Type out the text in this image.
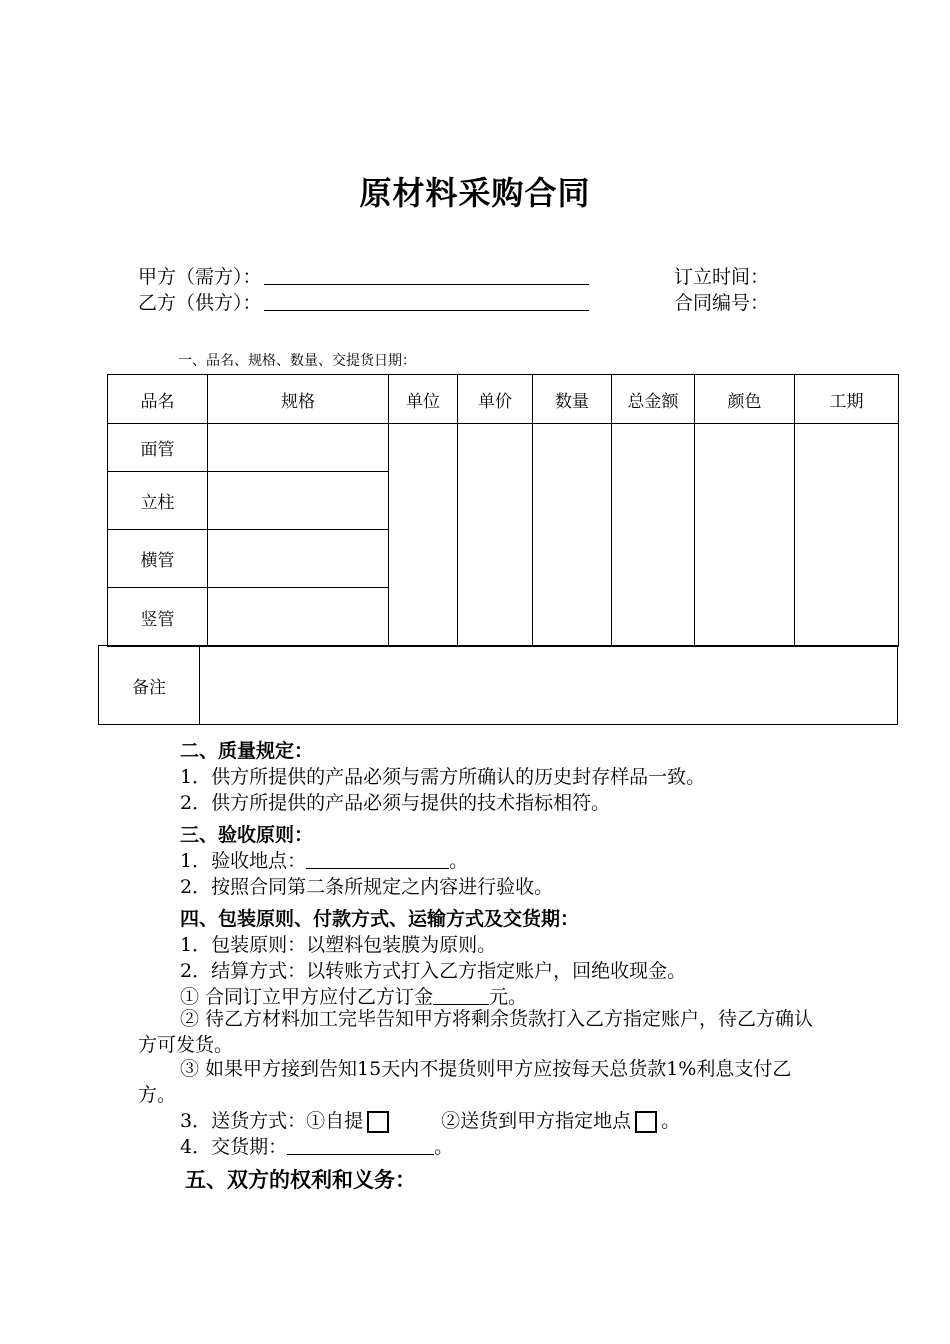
原材料采购合同
甲方（需方）：
乙方（供方）：
订立时间：
合同编号：
一、品名、规格、数量、交提货日期：
品名	规格	单位	单价	数量	总金额	颜色	工期
面管							
立柱							
横管							
竖管							
备注	
二、质量规定：
1．供方所提供的产品必须与需方所确认的历史封存样品一致。
2．供方所提供的产品必须与提供的技术指标相符。
三、验收原则：
1．验收地点：	。
2．按照合同第二条所规定之内容进行验收。
四、包装原则、付款方式、运输方式及交货期：
1．包装原则：以塑料包装膜为原则。
2．结算方式：以转账方式打入乙方指定账户，回绝收现金。
① 合同订立甲方应付乙方订金	元。
② 待乙方材料加工完毕告知甲方将剩余货款打入乙方指定账户，待乙方确认方可发货。
③ 如果甲方接到告知15天内不提货则甲方应按每天总货款1%利息支付乙方。
3．送货方式：①自提	②送货到甲方指定地点 。
4．交货期：	。
五、双方的权利和义务：
